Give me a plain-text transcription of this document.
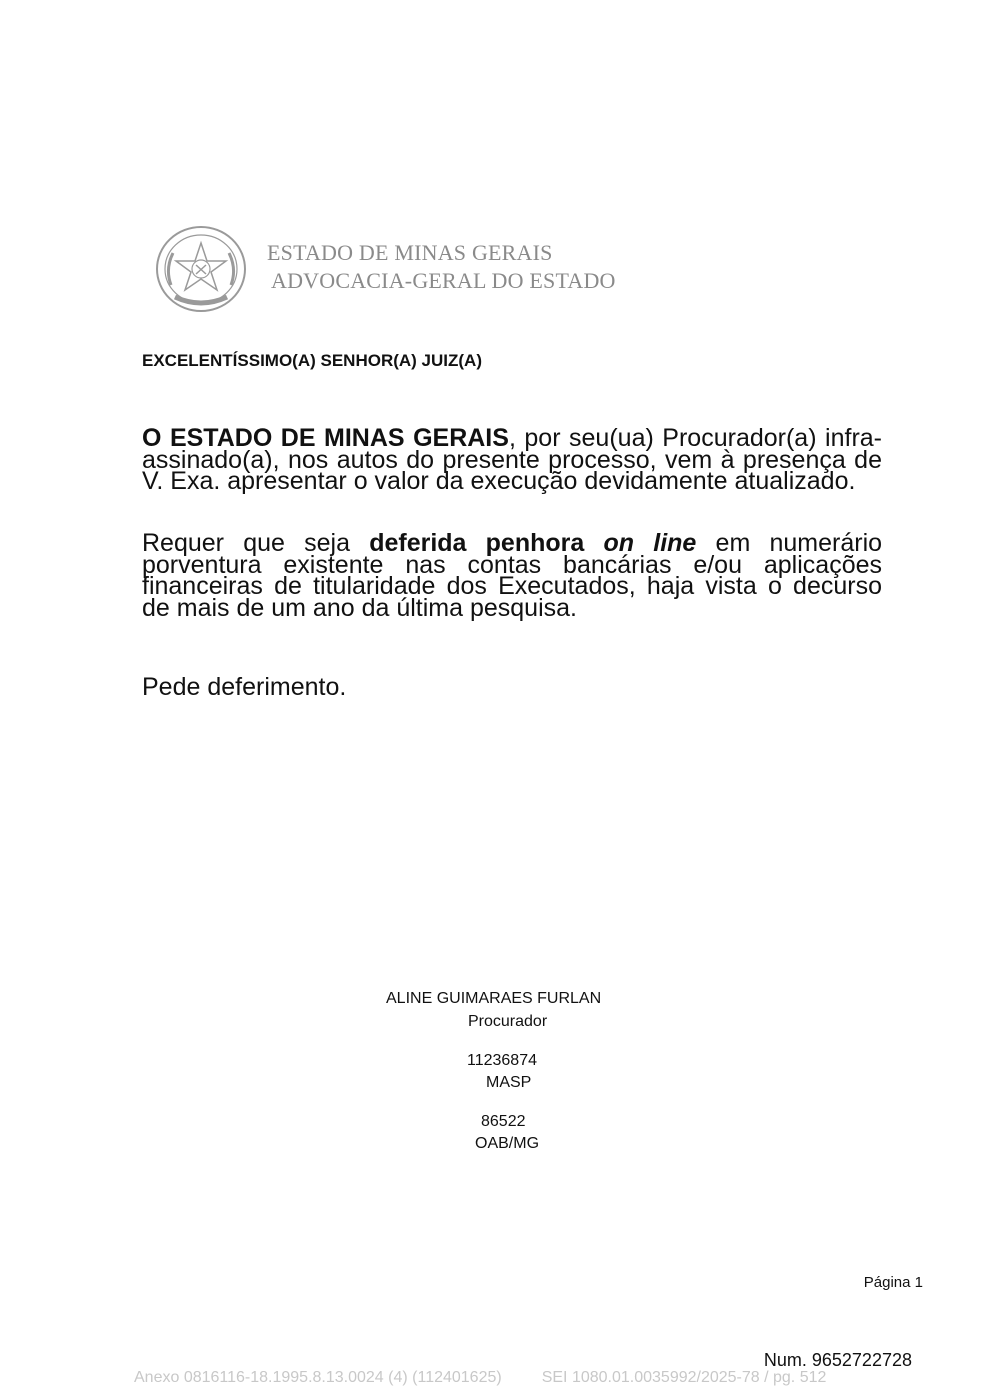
ESTADO DE MINAS GERAIS
ADVOCACIA-GERAL DO ESTADO
EXCELENTÍSSIMO(A) SENHOR(A) JUIZ(A)
O ESTADO DE MINAS GERAIS, por seu(ua) Procurador(a) infra-assinado(a), nos autos do presente processo, vem à presença de V. Exa. apresentar o valor da execução devidamente atualizado.
Requer que seja deferida penhora on line em numerário porventura existente nas contas bancárias e/ou aplicações financeiras de titularidade dos Executados, haja vista o decurso de mais de um ano da última pesquisa.
Pede deferimento.
ALINE GUIMARAES FURLAN
Procurador
11236874
MASP
86522
OAB/MG
Página 1
Num. 9652722728
Anexo 0816116-18.1995.8.13.0024 (4) (112401625)	SEI 1080.01.0035992/2025-78 / pg. 512
